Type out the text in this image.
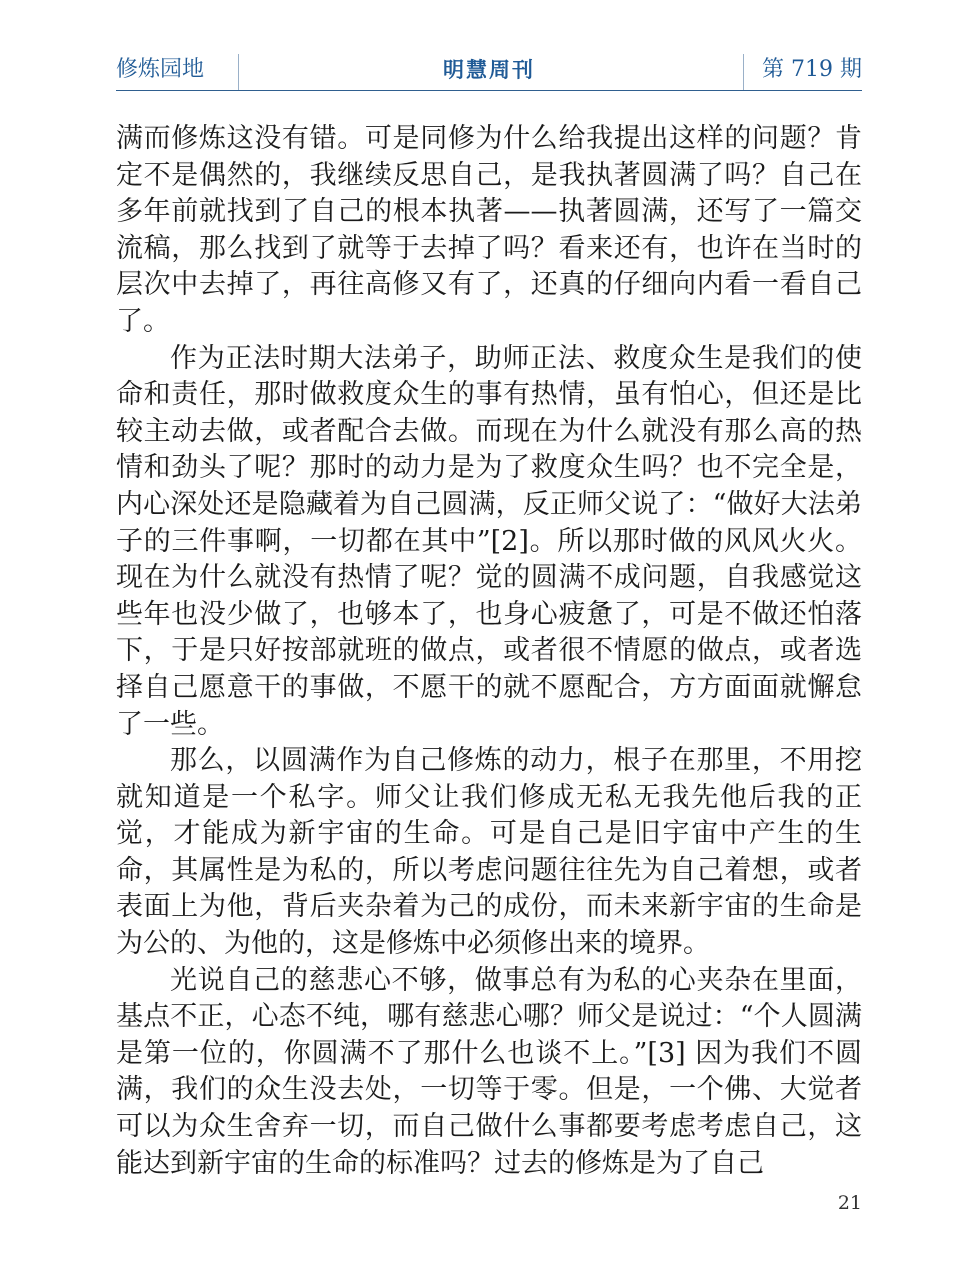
修炼园地	明慧周刊	第 719 期

满而修炼这没有错。可是同修为什么给我提出这样的问题？肯定不是偶然的，我继续反思自己，是我执著圆满了吗？自己在多年前就找到了自己的根本执著——执著圆满，还写了一篇交流稿，那么找到了就等于去掉了吗？看来还有，也许在当时的层次中去掉了，再往高修又有了，还真的仔细向内看一看自己了。

作为正法时期大法弟子，助师正法、救度众生是我们的使命和责任，那时做救度众生的事有热情，虽有怕心，但还是比较主动去做，或者配合去做。而现在为什么就没有那么高的热情和劲头了呢？那时的动力是为了救度众生吗？也不完全是，内心深处还是隐藏着为自己圆满，反正师父说了：“做好大法弟子的三件事啊，一切都在其中”[2]。所以那时做的风风火火。现在为什么就没有热情了呢？觉的圆满不成问题，自我感觉这些年也没少做了，也够本了，也身心疲惫了，可是不做还怕落下，于是只好按部就班的做点，或者很不情愿的做点，或者选择自己愿意干的事做，不愿干的就不愿配合，方方面面就懈怠了一些。

那么，以圆满作为自己修炼的动力，根子在那里，不用挖就知道是一个私字。师父让我们修成无私无我先他后我的正觉，才能成为新宇宙的生命。可是自己是旧宇宙中产生的生命，其属性是为私的，所以考虑问题往往先为自己着想，或者表面上为他，背后夹杂着为己的成份，而未来新宇宙的生命是为公的、为他的，这是修炼中必须修出来的境界。

光说自己的慈悲心不够，做事总有为私的心夹杂在里面，基点不正，心态不纯，哪有慈悲心哪？师父是说过：“个人圆满是第一位的，你圆满不了那什么也谈不上。”[3] 因为我们不圆满，我们的众生没去处，一切等于零。但是，一个佛、大觉者可以为众生舍弃一切，而自己做什么事都要考虑考虑自己，这能达到新宇宙的生命的标准吗？过去的修炼是为了自己

21
